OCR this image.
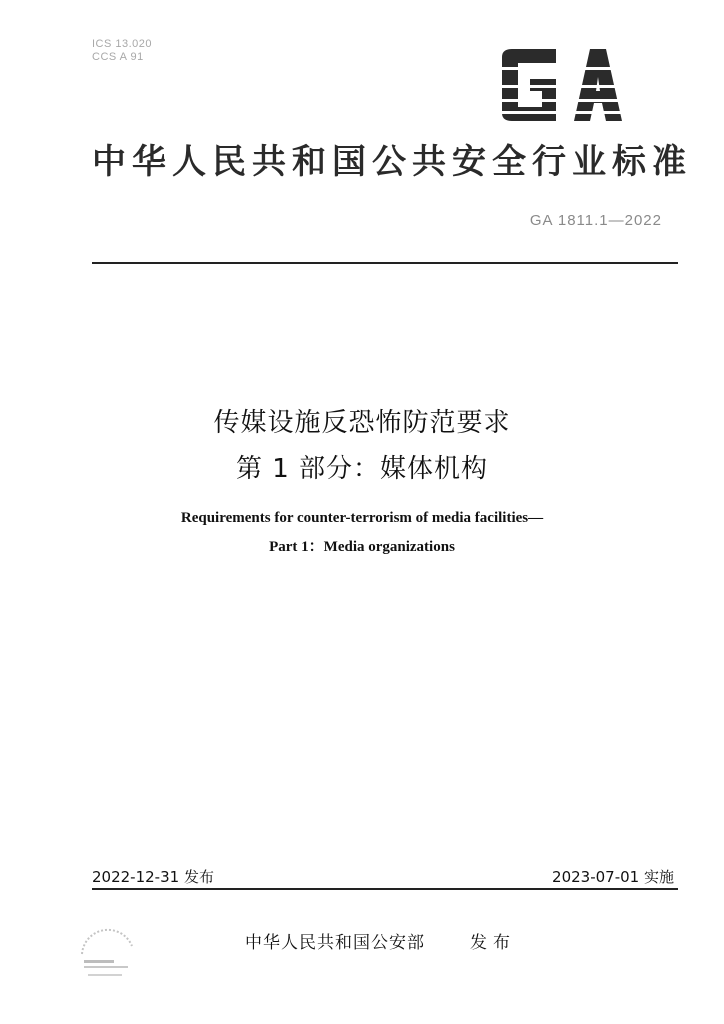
ICS 13.020
CCS A 91
中华人民共和国公共安全行业标准
GA 1811.1—2022
传媒设施反恐怖防范要求
第 1 部分：媒体机构
Requirements for counter-terrorism of media facilities—
Part 1：Media organizations
2022-12-31 发布	2023-07-01 实施
中华人民共和国公安部	发布
